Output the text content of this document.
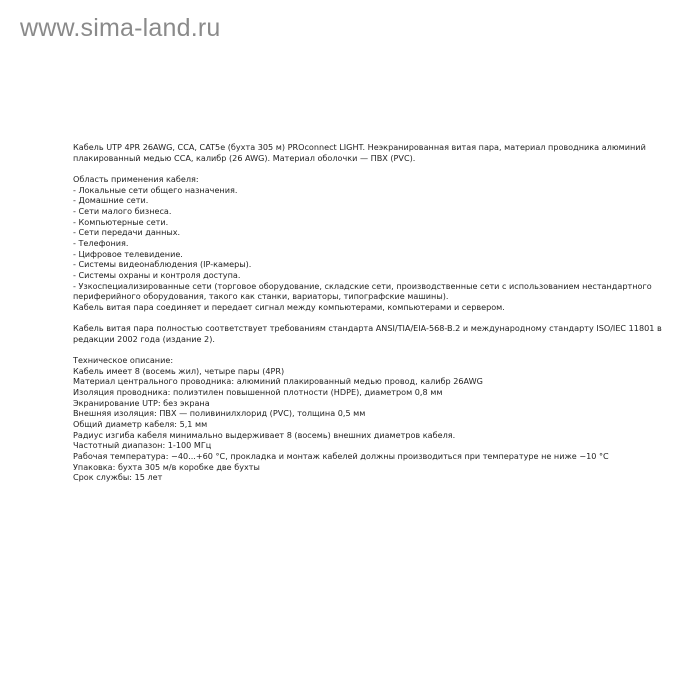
www.sima-land.ru

Кабель UTP 4PR 26AWG, CCA, CAT5e (бухта 305 м) PROconnect LIGHT. Неэкранированная витая пара, материал проводника алюминий

плакированный медью CCA, калибр (26 AWG). Материал оболочки — ПВХ (PVC).

Область применения кабеля:

- Локальные сети общего назначения.

- Домашние сети.

- Сети малого бизнеса.

- Компьютерные сети.

- Сети передачи данных.

- Телефония.

- Цифровое телевидение.

- Системы видеонаблюдения (IP-камеры).

- Системы охраны и контроля доступа.

- Узкоспециализированные сети (торговое оборудование, складские сети, производственные сети с использованием нестандартного

периферийного оборудования, такого как станки, вариаторы, типографские машины).

Кабель витая пара соединяет и передает сигнал между компьютерами, компьютерами и сервером.

Кабель витая пара полностью соответствует требованиям стандарта ANSI/TIA/EIA-568-B.2 и международному стандарту ISO/IEC 11801 в

редакции 2002 года (издание 2).

Техническое описание:

Кабель имеет 8 (восемь жил), четыре пары (4PR)

Материал центрального проводника: алюминий плакированный медью провод, калибр 26AWG

Изоляция проводника: полиэтилен повышенной плотности (HDPE), диаметром 0,8 мм

Экранирование UTP: без экрана

Внешняя изоляция: ПВХ — поливинилхлорид (PVC), толщина 0,5 мм

Общий диаметр кабеля: 5,1 мм

Радиус изгиба кабеля минимально выдерживает 8 (восемь) внешних диаметров кабеля.

Частотный диапазон: 1-100 МГц

Рабочая температура: −40...+60 °C, прокладка и монтаж кабелей должны производиться при температуре не ниже −10 °C

Упаковка: бухта 305 м/в коробке две бухты

Срок службы: 15 лет
